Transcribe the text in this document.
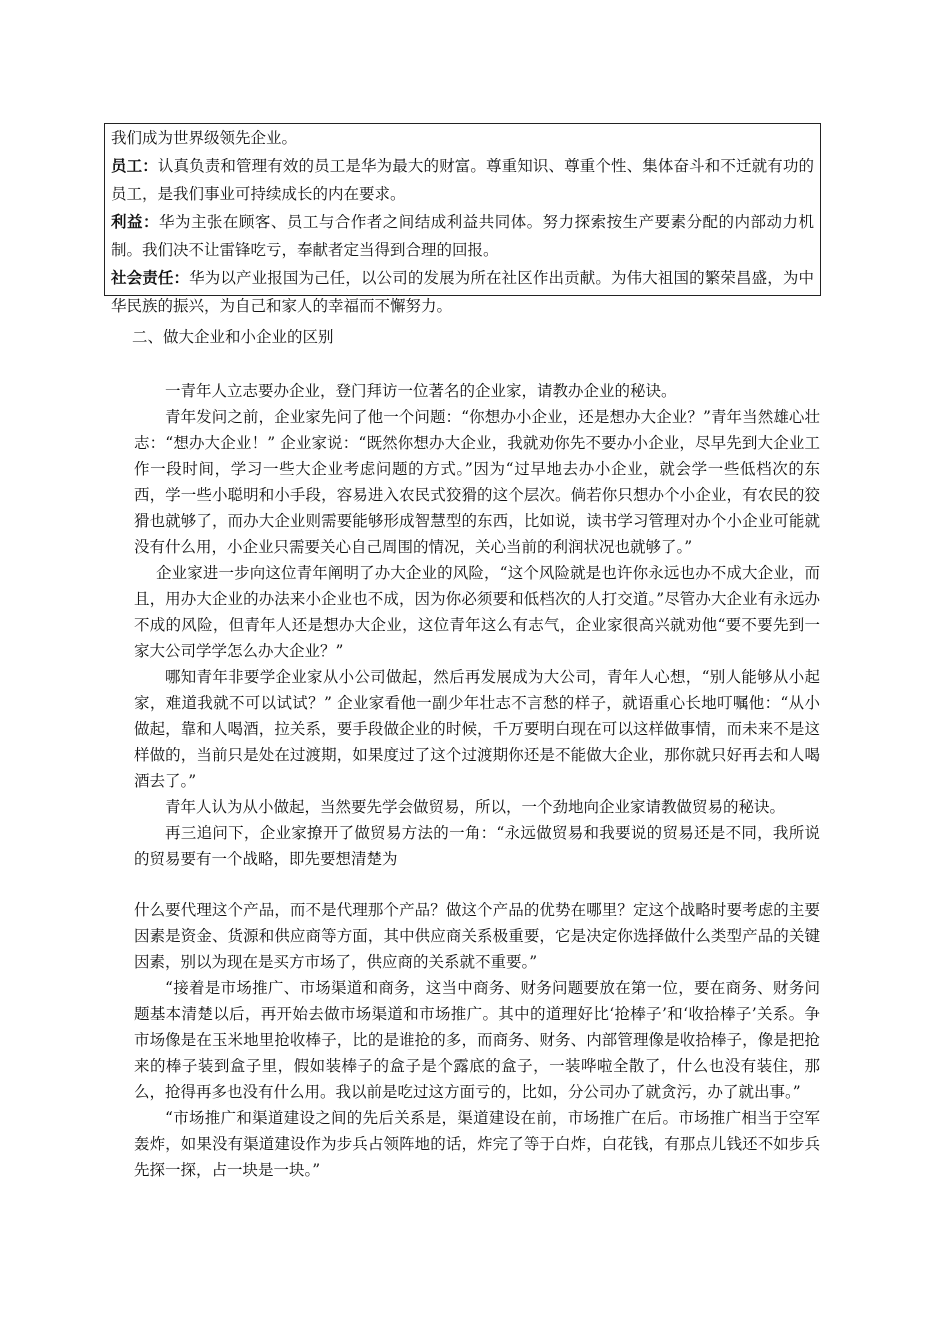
我们成为世界级领先企业。

员工：认真负责和管理有效的员工是华为最大的财富。尊重知识、尊重个性、集体奋斗和不迁就有功的员工，是我们事业可持续成长的内在要求。

利益：华为主张在顾客、员工与合作者之间结成利益共同体。努力探索按生产要素分配的内部动力机制。我们决不让雷锋吃亏，奉献者定当得到合理的回报。

社会责任：华为以产业报国为己任，以公司的发展为所在社区作出贡献。为伟大祖国的繁荣昌盛，为中华民族的振兴，为自己和家人的幸福而不懈努力。

二、做大企业和小企业的区别

一青年人立志要办企业，登门拜访一位著名的企业家，请教办企业的秘诀。

青年发问之前，企业家先问了他一个问题：“你想办小企业，还是想办大企业？”青年当然雄心壮志：“想办大企业！” 企业家说：“既然你想办大企业，我就劝你先不要办小企业，尽早先到大企业工作一段时间，学习一些大企业考虑问题的方式。”因为“过早地去办小企业，就会学一些低档次的东西，学一些小聪明和小手段，容易进入农民式狡猾的这个层次。倘若你只想办个小企业，有农民的狡猾也就够了，而办大企业则需要能够形成智慧型的东西，比如说，读书学习管理对办个小企业可能就没有什么用，小企业只需要关心自己周围的情况，关心当前的利润状况也就够了。”

企业家进一步向这位青年阐明了办大企业的风险，“这个风险就是也许你永远也办不成大企业，而且，用办大企业的办法来小企业也不成，因为你必须要和低档次的人打交道。”尽管办大企业有永远办不成的风险，但青年人还是想办大企业，这位青年这么有志气，企业家很高兴就劝他“要不要先到一家大公司学学怎么办大企业？”

哪知青年非要学企业家从小公司做起，然后再发展成为大公司，青年人心想，“别人能够从小起家，难道我就不可以试试？” 企业家看他一副少年壮志不言愁的样子，就语重心长地叮嘱他：“从小做起，靠和人喝酒，拉关系，要手段做企业的时候，千万要明白现在可以这样做事情，而未来不是这样做的，当前只是处在过渡期，如果度过了这个过渡期你还是不能做大企业，那你就只好再去和人喝酒去了。”

青年人认为从小做起，当然要先学会做贸易，所以，一个劲地向企业家请教做贸易的秘诀。

再三追问下，企业家撩开了做贸易方法的一角：“永远做贸易和我要说的贸易还是不同，我所说的贸易要有一个战略，即先要想清楚为

什么要代理这个产品，而不是代理那个产品？做这个产品的优势在哪里？定这个战略时要考虑的主要因素是资金、货源和供应商等方面，其中供应商关系极重要，它是决定你选择做什么类型产品的关键因素，别以为现在是买方市场了，供应商的关系就不重要。”

“接着是市场推广、市场渠道和商务，这当中商务、财务问题要放在第一位，要在商务、财务问题基本清楚以后，再开始去做市场渠道和市场推广。其中的道理好比‘抢棒子’和‘收拾棒子’关系。争市场像是在玉米地里抢收棒子，比的是谁抢的多，而商务、财务、内部管理像是收拾棒子，像是把抢来的棒子装到盒子里，假如装棒子的盒子是个露底的盒子，一装哗啦全散了，什么也没有装住，那么，抢得再多也没有什么用。我以前是吃过这方面亏的，比如，分公司办了就贪污，办了就出事。”

“市场推广和渠道建设之间的先后关系是，渠道建设在前，市场推广在后。市场推广相当于空军轰炸，如果没有渠道建设作为步兵占领阵地的话，炸完了等于白炸，白花钱，有那点儿钱还不如步兵先探一探，占一块是一块。”
